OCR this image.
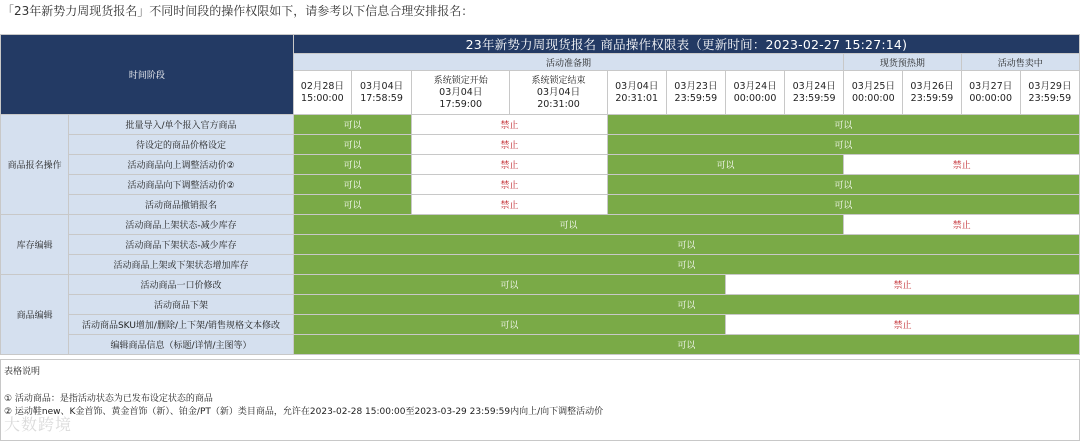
「23年新势力周现货报名」不同时间段的操作权限如下，请参考以下信息合理安排报名：
时间阶段		23年新势力周现货报名 商品操作权限表（更新时间：2023-02-27 15:27:14)											
		活动准备期								现货预热期		活动售卖中	
		02月28日
15:00:00	03月04日
17:58:59	系统锁定开始
03月04日
17:59:00	系统锁定结束
03月04日
20:31:00	03月04日
20:31:01	03月23日
23:59:59	03月24日
00:00:00	03月24日
23:59:59	03月25日
00:00:00	03月26日
23:59:59	03月27日
00:00:00	03月29日
23:59:59
商品报名操作	批量导入/单个报入官方商品	可以		禁止		可以							
	待设定的商品价格设定	可以		禁止		可以							
	活动商品向上调整活动价②	可以		禁止		可以				禁止			
	活动商品向下调整活动价②	可以		禁止		可以							
	活动商品撤销报名	可以		禁止		可以							
库存编辑	活动商品上架状态-减少库存	可以								禁止			
	活动商品下架状态-减少库存	可以											
	活动商品上架或下架状态增加库存	可以											
商品编辑	活动商品一口价修改	可以						禁止					
	活动商品下架	可以											
	活动商品SKU增加/删除/上下架/销售规格文本修改	可以						禁止					
	编辑商品信息（标题/详情/主图等）	可以											
表格说明
① 活动商品：是指活动状态为已发布设定状态的商品
② 运动鞋new、K金首饰、黄金首饰（新）、铂金/PT（新）类目商品，允许在2023-02-28 15:00:00至2023-03-29 23:59:59内向上/向下调整活动价
大数跨境
